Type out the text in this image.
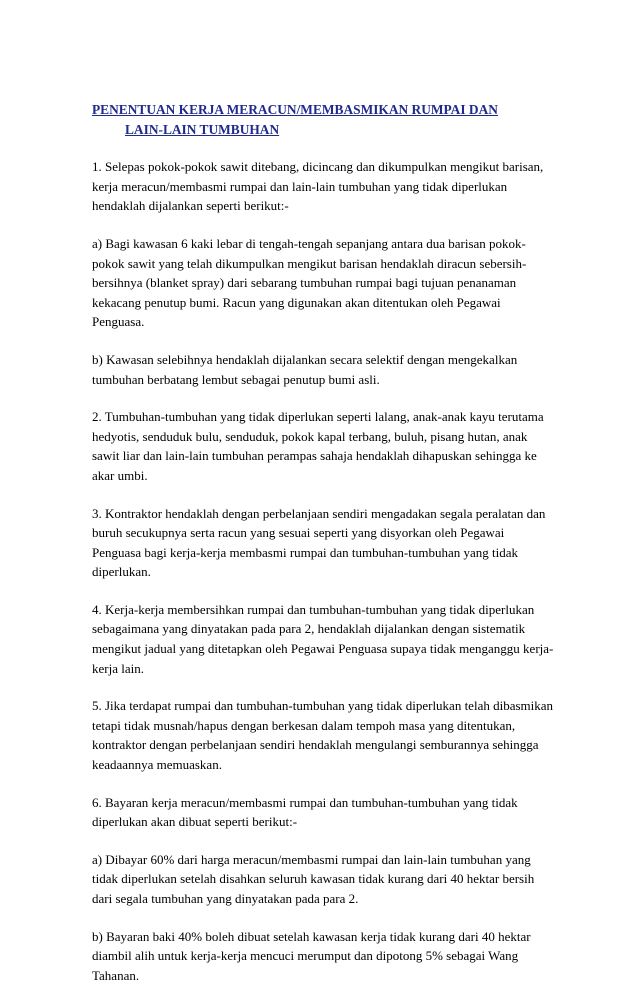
PENENTUAN KERJA MERACUN/MEMBASMIKAN RUMPAI DAN
LAIN-LAIN TUMBUHAN

1. Selepas pokok-pokok sawit ditebang, dicincang dan dikumpulkan mengikut barisan, kerja meracun/membasmi rumpai dan lain-lain tumbuhan yang tidak diperlukan hendaklah dijalankan seperti berikut:-

a) Bagi kawasan 6 kaki lebar di tengah-tengah sepanjang antara dua barisan pokok-pokok sawit yang telah dikumpulkan mengikut barisan hendaklah diracun sebersih-bersihnya (blanket spray) dari sebarang tumbuhan rumpai bagi tujuan penanaman kekacang penutup bumi. Racun yang digunakan akan ditentukan oleh Pegawai Penguasa.

b) Kawasan selebihnya hendaklah dijalankan secara selektif dengan mengekalkan tumbuhan berbatang lembut sebagai penutup bumi asli.

2. Tumbuhan-tumbuhan yang tidak diperlukan seperti lalang, anak-anak kayu terutama hedyotis, senduduk bulu, senduduk, pokok kapal terbang, buluh, pisang hutan, anak sawit liar dan lain-lain tumbuhan perampas sahaja hendaklah dihapuskan sehingga ke akar umbi.

3. Kontraktor hendaklah dengan perbelanjaan sendiri mengadakan segala peralatan dan buruh secukupnya serta racun yang sesuai seperti yang disyorkan oleh Pegawai Penguasa bagi kerja-kerja membasmi rumpai dan tumbuhan-tumbuhan yang tidak diperlukan.

4. Kerja-kerja membersihkan rumpai dan tumbuhan-tumbuhan yang tidak diperlukan sebagaimana yang dinyatakan pada para 2, hendaklah dijalankan dengan sistematik mengikut jadual yang ditetapkan oleh Pegawai Penguasa supaya tidak menganggu kerja-kerja lain.

5. Jika terdapat rumpai dan tumbuhan-tumbuhan yang tidak diperlukan telah dibasmikan tetapi tidak musnah/hapus dengan berkesan dalam tempoh masa yang ditentukan, kontraktor dengan perbelanjaan sendiri hendaklah mengulangi semburannya sehingga keadaannya memuaskan.

6. Bayaran kerja meracun/membasmi rumpai dan tumbuhan-tumbuhan yang tidak diperlukan akan dibuat seperti berikut:-

a) Dibayar 60% dari harga meracun/membasmi rumpai dan lain-lain tumbuhan yang tidak diperlukan setelah disahkan seluruh kawasan tidak kurang dari 40 hektar bersih dari segala tumbuhan yang dinyatakan pada para 2.

b) Bayaran baki 40% boleh dibuat setelah kawasan kerja tidak kurang dari 40 hektar diambil alih untuk kerja-kerja mencuci merumput dan dipotong 5% sebagai Wang Tahanan.
